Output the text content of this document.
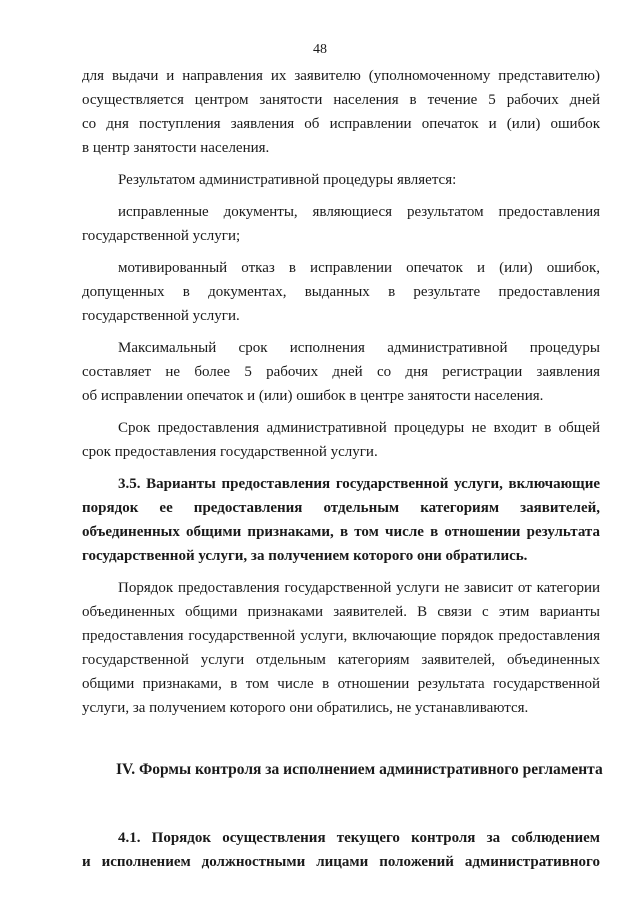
48
для выдачи и направления их заявителю (уполномоченному представителю)
осуществляется центром занятости населения в течение 5 рабочих дней
со дня поступления заявления об исправлении опечаток и (или) ошибок
в центр занятости населения.
Результатом административной процедуры является:
исправленные документы, являющиеся результатом предоставления
государственной услуги;
мотивированный отказ в исправлении опечаток и (или) ошибок,
допущенных в документах, выданных в результате предоставления
государственной услуги.
Максимальный срок исполнения административной процедуры
составляет не более 5 рабочих дней со дня регистрации заявления
об исправлении опечаток и (или) ошибок в центре занятости населения.
Срок предоставления административной процедуры не входит в общей
срок предоставления государственной услуги.
3.5. Варианты предоставления государственной услуги, включающие
порядок ее предоставления отдельным категориям заявителей,
объединенных общими признаками, в том числе в отношении результата
государственной услуги, за получением которого они обратились.
Порядок предоставления государственной услуги не зависит от категории
объединенных общими признаками заявителей. В связи с этим варианты
предоставления государственной услуги, включающие порядок предоставления
государственной услуги отдельным категориям заявителей, объединенных
общими признаками, в том числе в отношении результата государственной
услуги, за получением которого они обратились, не устанавливаются.
IV. Формы контроля за исполнением административного регламента
4.1. Порядок осуществления текущего контроля за соблюдением
и исполнением должностными лицами положений административного
